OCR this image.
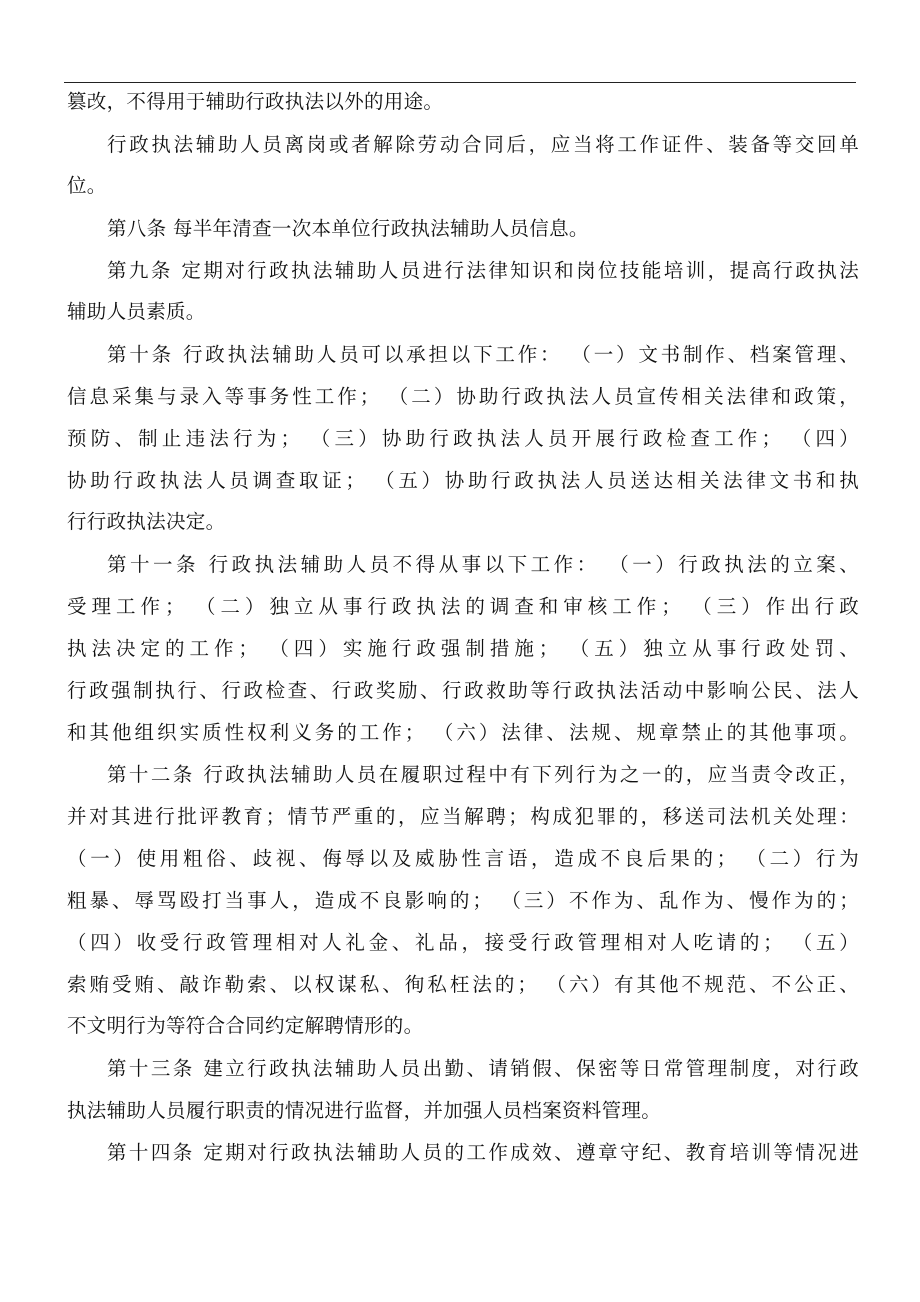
篡改，不得用于辅助行政执法以外的用途。
行政执法辅助人员离岗或者解除劳动合同后，应当将工作证件、装备等交回单
位。
第八条 每半年清查一次本单位行政执法辅助人员信息。
第九条 定期对行政执法辅助人员进行法律知识和岗位技能培训，提高行政执法
辅助人员素质。
第十条 行政执法辅助人员可以承担以下工作： （一）文书制作、档案管理、
信息采集与录入等事务性工作； （二）协助行政执法人员宣传相关法律和政策，
预防、制止违法行为； （三）协助行政执法人员开展行政检查工作； （四）
协助行政执法人员调查取证； （五）协助行政执法人员送达相关法律文书和执
行行政执法决定。
第十一条 行政执法辅助人员不得从事以下工作： （一）行政执法的立案、
受理工作； （二）独立从事行政执法的调查和审核工作； （三）作出行政
执法决定的工作； （四）实施行政强制措施； （五）独立从事行政处罚、
行政强制执行、行政检查、行政奖励、行政救助等行政执法活动中影响公民、法人
和其他组织实质性权利义务的工作； （六）法律、法规、规章禁止的其他事项。
第十二条 行政执法辅助人员在履职过程中有下列行为之一的，应当责令改正，
并对其进行批评教育；情节严重的，应当解聘；构成犯罪的，移送司法机关处理：
（一）使用粗俗、歧视、侮辱以及威胁性言语，造成不良后果的； （二）行为
粗暴、辱骂殴打当事人，造成不良影响的； （三）不作为、乱作为、慢作为的；
（四）收受行政管理相对人礼金、礼品，接受行政管理相对人吃请的； （五）
索贿受贿、敲诈勒索、以权谋私、徇私枉法的； （六）有其他不规范、不公正、
不文明行为等符合合同约定解聘情形的。
第十三条 建立行政执法辅助人员出勤、请销假、保密等日常管理制度，对行政
执法辅助人员履行职责的情况进行监督，并加强人员档案资料管理。
第十四条 定期对行政执法辅助人员的工作成效、遵章守纪、教育培训等情况进
